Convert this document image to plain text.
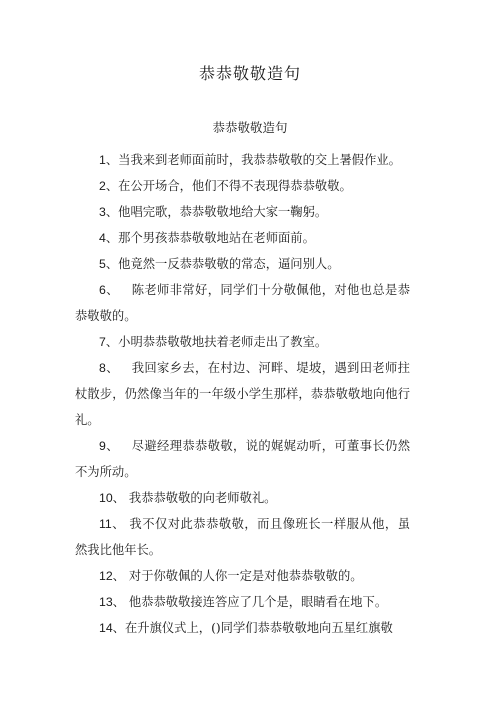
恭恭敬敬造句
恭恭敬敬造句

1、当我来到老师面前时，我恭恭敬敬的交上暑假作业。

2、在公开场合，他们不得不表现得恭恭敬敬。

3、他唱完歌，恭恭敬敬地给大家一鞠躬。

4、那个男孩恭恭敬敬地站在老师面前。

5、他竟然一反恭恭敬敬的常态，逼问别人。

6、   陈老师非常好，同学们十分敬佩他，对他也总是恭恭敬敬的。

7、小明恭恭敬敬地扶着老师走出了教室。

8、   我回家乡去，在村边、河畔、堤坡，遇到田老师拄杖散步，仍然像当年的一年级小学生那样，恭恭敬敬地向他行礼。

9、   尽避经理恭恭敬敬，说的娓娓动听，可董事长仍然不为所动。

10、 我恭恭敬敬的向老师敬礼。

11、 我不仅对此恭恭敬敬，而且像班长一样服从他，虽然我比他年长。

12、 对于你敬佩的人你一定是对他恭恭敬敬的。

13、 他恭恭敬敬接连答应了几个是，眼睛看在地下。

14、在升旗仪式上，()同学们恭恭敬敬地向五星红旗敬
